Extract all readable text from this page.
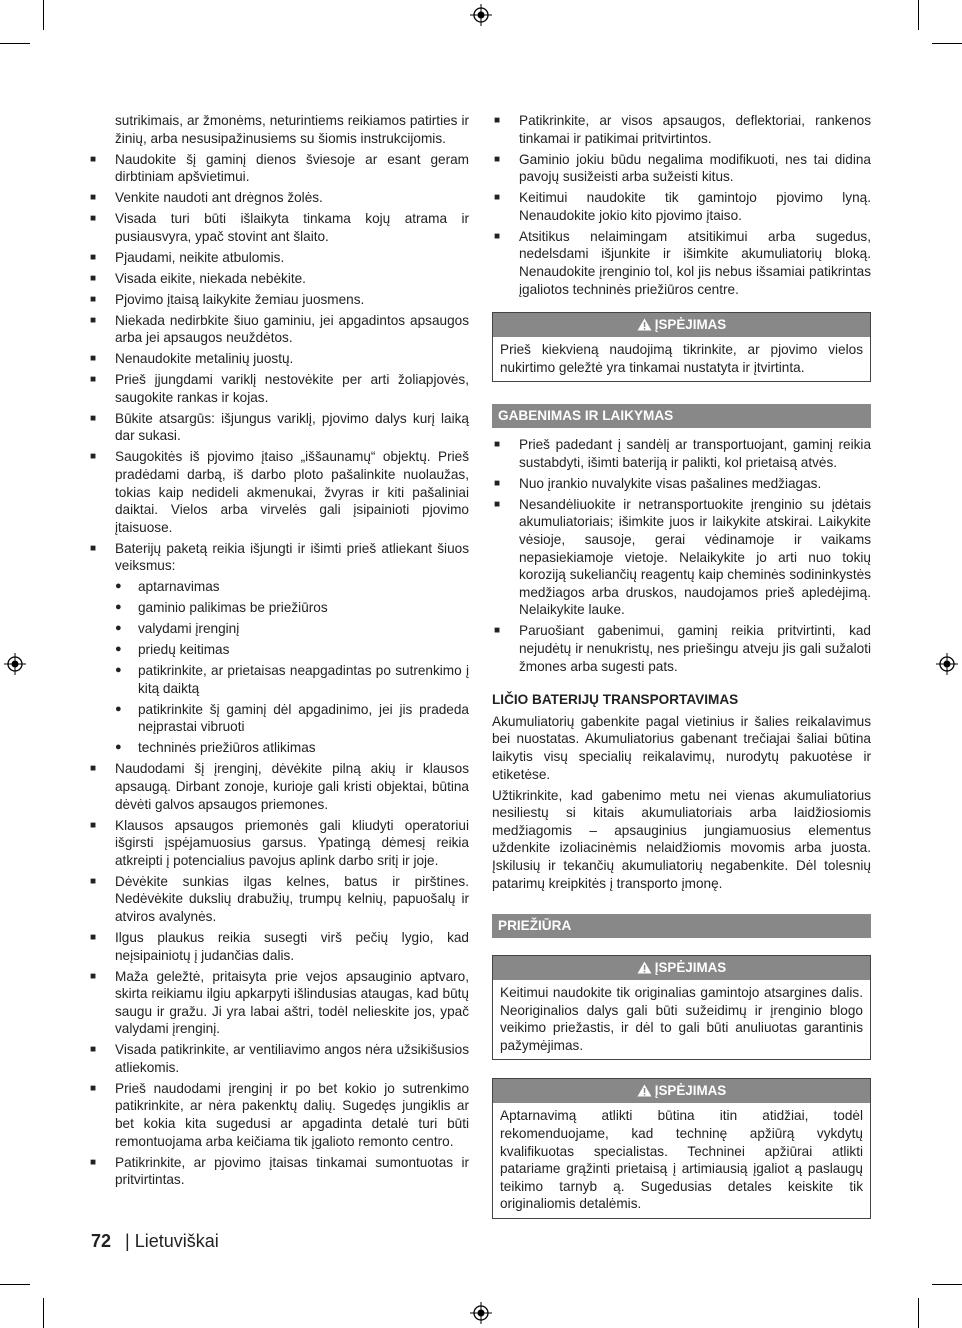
sutrikimais, ar žmonėms, neturintiems reikiamos patirties ir žinių, arba nesusipažinusiems su šiomis instrukcijomis.
■ Naudokite šį gaminį dienos šviesoje ar esant geram dirbtiniam apšvietimui.
■ Venkite naudoti ant drėgnos žolės.
■ Visada turi būti išlaikyta tinkama kojų atrama ir pusiausvyra, ypač stovint ant šlaito.
■ Pjaudami, neikite atbulomis.
■ Visada eikite, niekada nebėkite.
■ Pjovimo įtaisą laikykite žemiau juosmens.
■ Niekada nedirbkite šiuo gaminiu, jei apgadintos apsaugos arba jei apsaugos neuždėtos.
■ Nenaudokite metalinių juostų.
■ Prieš įjungdami variklį nestovėkite per arti žoliapjovės, saugokite rankas ir kojas.
■ Būkite atsargūs: išjungus variklį, pjovimo dalys kurį laiką dar sukasi.
■ Saugokitės iš pjovimo įtaiso „iššaunamų“ objektų. Prieš pradėdami darbą, iš darbo ploto pašalinkite nuolaužas, tokias kaip nedideli akmenukai, žvyras ir kiti pašaliniai daiktai. Vielos arba virvelės gali įsipainioti pjovimo įtaisuose.
■ Baterijų paketą reikia išjungti ir išimti prieš atliekant šiuos veiksmus:
● aptarnavimas
● gaminio palikimas be priežiūros
● valydami įrenginį
● priedų keitimas
● patikrinkite, ar prietaisas neapgadintas po sutrenkimo į kitą daiktą
● patikrinkite šį gaminį dėl apgadinimo, jei jis pradeda neįprastai vibruoti
● techninės priežiūros atlikimas
■ Naudodami šį įrenginį, dėvėkite pilną akių ir klausos apsaugą. Dirbant zonoje, kurioje gali kristi objektai, būtina dėvėti galvos apsaugos priemones.
■ Klausos apsaugos priemonės gali kliudyti operatoriui išgirsti įspėjamuosius garsus. Ypatingą dėmesį reikia atkreipti į potencialius pavojus aplink darbo sritį ir joje.
■ Dėvėkite sunkias ilgas kelnes, batus ir pirštines. Nedėvėkite dukslių drabužių, trumpų kelnių, papuošalų ir atviros avalynės.
■ Ilgus plaukus reikia susegti virš pečių lygio, kad neįsipainiotų į judančias dalis.
■ Maža geležtė, pritaisyta prie vejos apsauginio aptvaro, skirta reikiamu ilgiu apkarpyti išlindusias ataugas, kad būtų saugu ir gražu. Ji yra labai aštri, todėl nelieskite jos, ypač valydami įrenginį.
■ Visada patikrinkite, ar ventiliavimo angos nėra užsikišusios atliekomis.
■ Prieš naudodami įrenginį ir po bet kokio jo sutrenkimo patikrinkite, ar nėra pakenktų dalių. Sugedęs jungiklis ar bet kokia kita sugedusi ar apgadinta detalė turi būti remontuojama arba keičiama tik įgalioto remonto centro.
■ Patikrinkite, ar pjovimo įtaisas tinkamai sumontuotas ir pritvirtintas.
■ Patikrinkite, ar visos apsaugos, deflektoriai, rankenos tinkamai ir patikimai pritvirtintos.
■ Gaminio jokiu būdu negalima modifikuoti, nes tai didina pavojų susižeisti arba sužeisti kitus.
■ Keitimui naudokite tik gamintojo pjovimo lyną. Nenaudokite jokio kito pjovimo įtaiso.
■ Atsitikus nelaimingam atsitikimui arba sugedus, nedelsdami išjunkite ir išimkite akumuliatorių bloką. Nenaudokite įrenginio tol, kol jis nebus išsamiai patikrintas įgaliotos techninės priežiūros centre.
ĮSPĖJIMAS
Prieš kiekvieną naudojimą tikrinkite, ar pjovimo vielos nukirtimo geležtė yra tinkamai nustatyta ir įtvirtinta.
GABENIMAS IR LAIKYMAS
■ Prieš padedant į sandėlį ar transportuojant, gaminį reikia sustabdyti, išimti bateriją ir palikti, kol prietaisą atvės.
■ Nuo įrankio nuvalykite visas pašalines medžiagas.
■ Nesandėliuokite ir netransportuokite įrenginio su įdėtais akumuliatoriais; išimkite juos ir laikykite atskirai. Laikykite vėsioje, sausoje, gerai vėdinamoje ir vaikams nepasiekiamoje vietoje. Nelaikykite jo arti nuo tokių koroziją sukeliančių reagentų kaip cheminės sodininkystės medžiagos arba druskos, naudojamos prieš apledėjimą. Nelaikykite lauke.
■ Paruošiant gabenimui, gaminį reikia pritvirtinti, kad nejudėtų ir nenukristų, nes priešingu atveju jis gali sužaloti žmones arba sugesti pats.
LIČIO BATERIJŲ TRANSPORTAVIMAS
Akumuliatorių gabenkite pagal vietinius ir šalies reikalavimus bei nuostatas. Akumuliatorius gabenant trečiajai šaliai būtina laikytis visų specialių reikalavimų, nurodytų pakuotėse ir etiketėse.
Užtikrinkite, kad gabenimo metu nei vienas akumuliatorius nesiliestų si kitais akumuliatoriais arba laidžiosiomis medžiagomis – apsauginius jungiamuosius elementus uždenkite izoliacinėmis nelaidžiomis movomis arba juosta. Įskilusių ir tekančių akumuliatorių negabenkite. Dėl tolesnių patarimų kreipkitės į transporto įmonę.
PRIEŽIŪRA
ĮSPĖJIMAS
Keitimui naudokite tik originalias gamintojo atsargines dalis. Neoriginalios dalys gali būti sužeidimų ir įrenginio blogo veikimo priežastis, ir dėl to gali būti anuliuotas garantinis pažymėjimas.
ĮSPĖJIMAS
Aptarnavimą atlikti būtina itin atidžiai, todėl rekomenduojame, kad techninę apžiūrą vykdytų kvalifikuotas specialistas. Techninei apžiūrai atlikti patariame grąžinti prietaisą į artimiausią įgaliot ą paslaugų teikimo tarnyb ą. Sugedusias detales keiskite tik originaliomis detalėmis.
72 | Lietuviškai
